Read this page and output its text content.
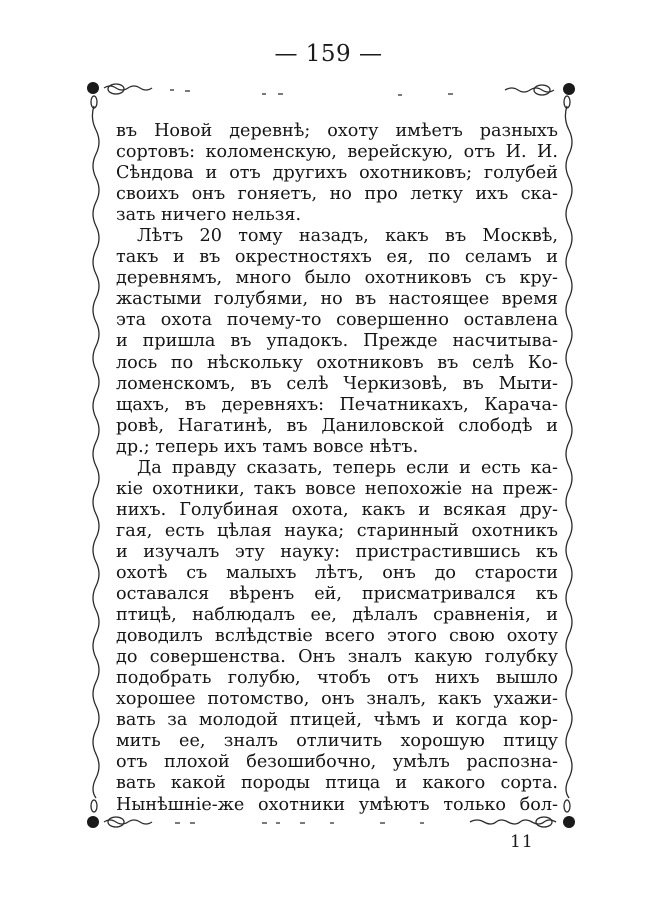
— 159 —
въ Новой деревнѣ; охоту имѣетъ разныхъ
сортовъ: коломенскую, верейскую, отъ И. И.
Сѣндова и отъ другихъ охотниковъ; голубей
своихъ онъ гоняетъ, но про летку ихъ ска-
зать ничего нельзя.
Лѣтъ 20 тому назадъ, какъ въ Москвѣ,
такъ и въ окрестностяхъ ея, по селамъ и
деревнямъ, много было охотниковъ съ кру-
жастыми голубями, но въ настоящее время
эта охота почему-то совершенно оставлена
и пришла въ упадокъ. Прежде насчитыва-
лось по нѣскольку охотниковъ въ селѣ Ко-
ломенскомъ, въ селѣ Черкизовѣ, въ Мыти-
щахъ, въ деревняхъ: Печатникахъ, Карача-
ровѣ, Нагатинѣ, въ Даниловской слободѣ и
др.; теперь ихъ тамъ вовсе нѣтъ.
Да правду сказать, теперь если и есть ка-
кіе охотники, такъ вовсе непохожіе на преж-
нихъ. Голубиная охота, какъ и всякая дру-
гая, есть цѣлая наука; старинный охотникъ
и изучалъ эту науку: пристрастившись къ
охотѣ съ малыхъ лѣтъ, онъ до старости
оставался вѣренъ ей, присматривался къ
птицѣ, наблюдалъ ее, дѣлалъ сравненія, и
доводилъ вслѣдствіе всего этого свою охоту
до совершенства. Онъ зналъ какую голубку
подобрать голубю, чтобъ отъ нихъ вышло
хорошее потомство, онъ зналъ, какъ ухажи-
вать за молодой птицей, чѣмъ и когда кор-
мить ее, зналъ отличить хорошую птицу
отъ плохой безошибочно, умѣлъ распозна-
вать какой породы птица и какого сорта.
Нынѣшніе-же охотники умѣютъ только бол-
11
